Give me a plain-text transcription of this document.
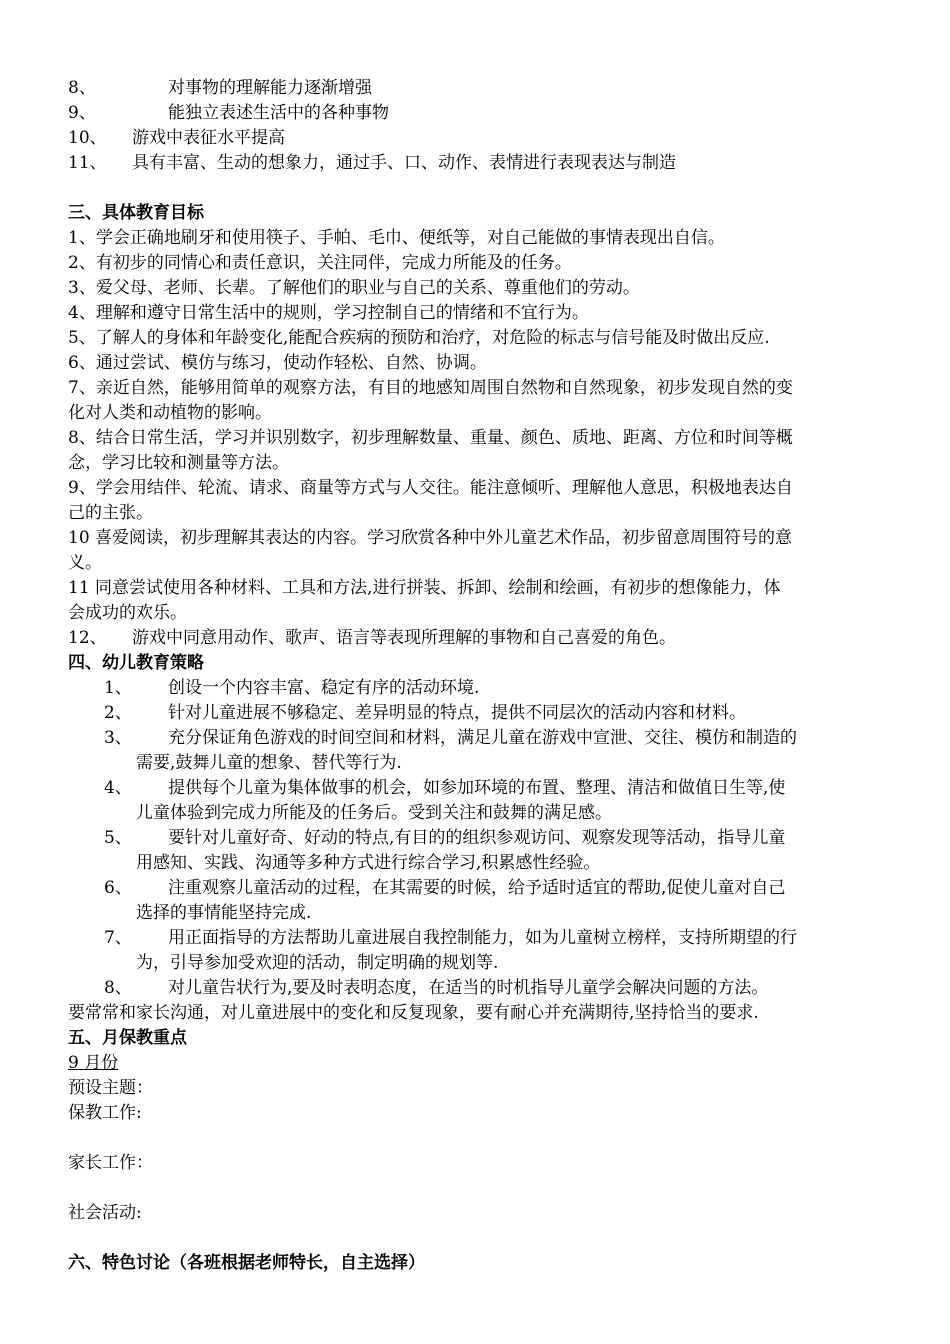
8、	对事物的理解能力逐渐增强
9、	能独立表述生活中的各种事物
10、 游戏中表征水平提高
11、 具有丰富、生动的想象力，通过手、口、动作、表情进行表现表达与制造
三、具体教育目标
1、学会正确地刷牙和使用筷子、手帕、毛巾、便纸等，对自己能做的事情表现出自信。
2、有初步的同情心和责任意识，关注同伴，完成力所能及的任务。
3、爱父母、老师、长辈。了解他们的职业与自己的关系、尊重他们的劳动。
4、理解和遵守日常生活中的规则，学习控制自己的情绪和不宜行为。
5、了解人的身体和年龄变化,能配合疾病的预防和治疗，对危险的标志与信号能及时做出反应.
6、通过尝试、模仿与练习，使动作轻松、自然、协调。
7、亲近自然，能够用简单的观察方法，有目的地感知周围自然物和自然现象，初步发现自然的变
化对人类和动植物的影响。
8、结合日常生活，学习并识别数字，初步理解数量、重量、颜色、质地、距离、方位和时间等概
念，学习比较和测量等方法。
9、学会用结伴、轮流、请求、商量等方式与人交往。能注意倾听、理解他人意思，积极地表达自
己的主张。
10 喜爱阅读，初步理解其表达的内容。学习欣赏各种中外儿童艺术作品，初步留意周围符号的意
义。
11 同意尝试使用各种材料、工具和方法,进行拼装、拆卸、绘制和绘画，有初步的想像能力，体
会成功的欢乐。
12、 游戏中同意用动作、歌声、语言等表现所理解的事物和自己喜爱的角色。
四、幼儿教育策略
1、 创设一个内容丰富、稳定有序的活动环境.
2、 针对儿童进展不够稳定、差异明显的特点，提供不同层次的活动内容和材料。
3、 充分保证角色游戏的时间空间和材料，满足儿童在游戏中宣泄、交往、模仿和制造的
需要,鼓舞儿童的想象、替代等行为.
4、 提供每个儿童为集体做事的机会，如参加环境的布置、整理、清洁和做值日生等,使
儿童体验到完成力所能及的任务后。受到关注和鼓舞的满足感。
5、 要针对儿童好奇、好动的特点,有目的的组织参观访问、观察发现等活动，指导儿童
用感知、实践、沟通等多种方式进行综合学习,积累感性经验。
6、 注重观察儿童活动的过程，在其需要的时候，给予适时适宜的帮助,促使儿童对自己
选择的事情能坚持完成.
7、 用正面指导的方法帮助儿童进展自我控制能力，如为儿童树立榜样，支持所期望的行
为，引导参加受欢迎的活动，制定明确的规划等.
8、 对儿童告状行为,要及时表明态度，在适当的时机指导儿童学会解决问题的方法。
要常常和家长沟通，对儿童进展中的变化和反复现象，要有耐心并充满期待,坚持恰当的要求.
五、月保教重点
9 月份
预设主题：
保教工作:
家长工作：
社会活动:
六、特色讨论（各班根据老师特长，自主选择）
